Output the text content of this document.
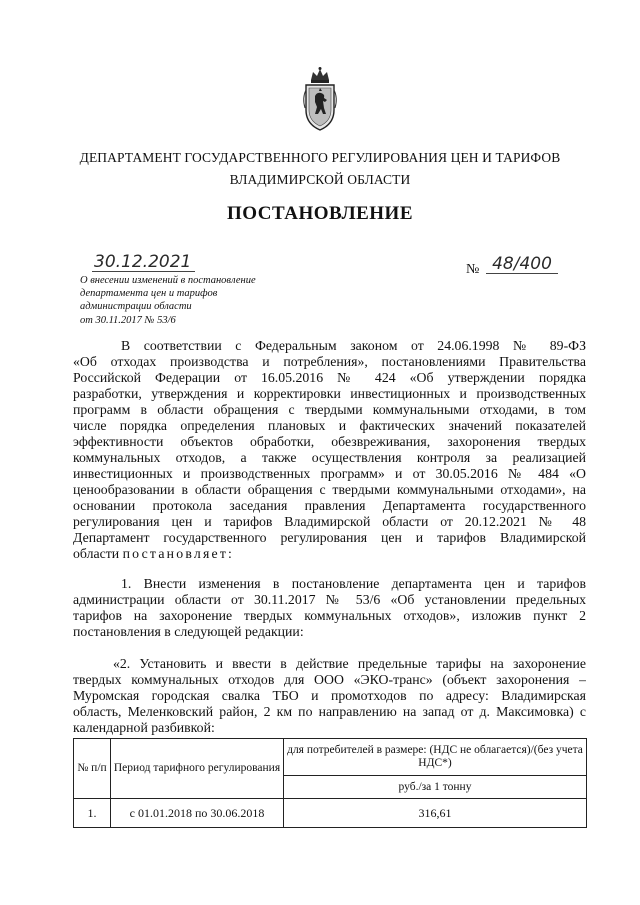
ДЕПАРТАМЕНТ ГОСУДАРСТВЕННОГО РЕГУЛИРОВАНИЯ ЦЕН И ТАРИФОВ
ВЛАДИМИРСКОЙ ОБЛАСТИ
ПОСТАНОВЛЕНИЕ
30.12.2021	№ 48/400
О внесении изменений в постановление
департамента цен и тарифов
администрации области
от 30.11.2017 № 53/6
В соответствии с Федеральным законом от 24.06.1998 № 89-ФЗ
«Об отходах производства и потребления», постановлениями Правительства
Российской Федерации от 16.05.2016 № 424 «Об утверждении порядка
разработки, утверждения и корректировки инвестиционных и производственных
программ в области обращения с твердыми коммунальными отходами, в том
числе порядка определения плановых и фактических значений показателей
эффективности объектов обработки, обезвреживания, захоронения твердых
коммунальных отходов, а также осуществления контроля за реализацией
инвестиционных и производственных программ» и от 30.05.2016 № 484 «О
ценообразовании в области обращения с твердыми коммунальными отходами», на
основании протокола заседания правления Департамента государственного
регулирования цен и тарифов Владимирской области от 20.12.2021 № 48
Департамент государственного регулирования цен и тарифов Владимирской
области постановляет:
1. Внести изменения в постановление департамента цен и тарифов
администрации области от 30.11.2017 № 53/6 «Об установлении предельных
тарифов на захоронение твердых коммунальных отходов», изложив пункт 2
постановления в следующей редакции:
«2. Установить и ввести в действие предельные тарифы на захоронение
твердых коммунальных отходов для ООО «ЭКО-транс» (объект захоронения –
Муромская городская свалка ТБО и промотходов по адресу: Владимирская
область, Меленковский район, 2 км по направлению на запад от д. Максимовка) с
календарной разбивкой:
№ п/п	Период тарифного регулирования	для потребителей в размере: (НДС не облагается)/(без учета НДС*)
		руб./за 1 тонну
1.	с 01.01.2018 по 30.06.2018	316,61
